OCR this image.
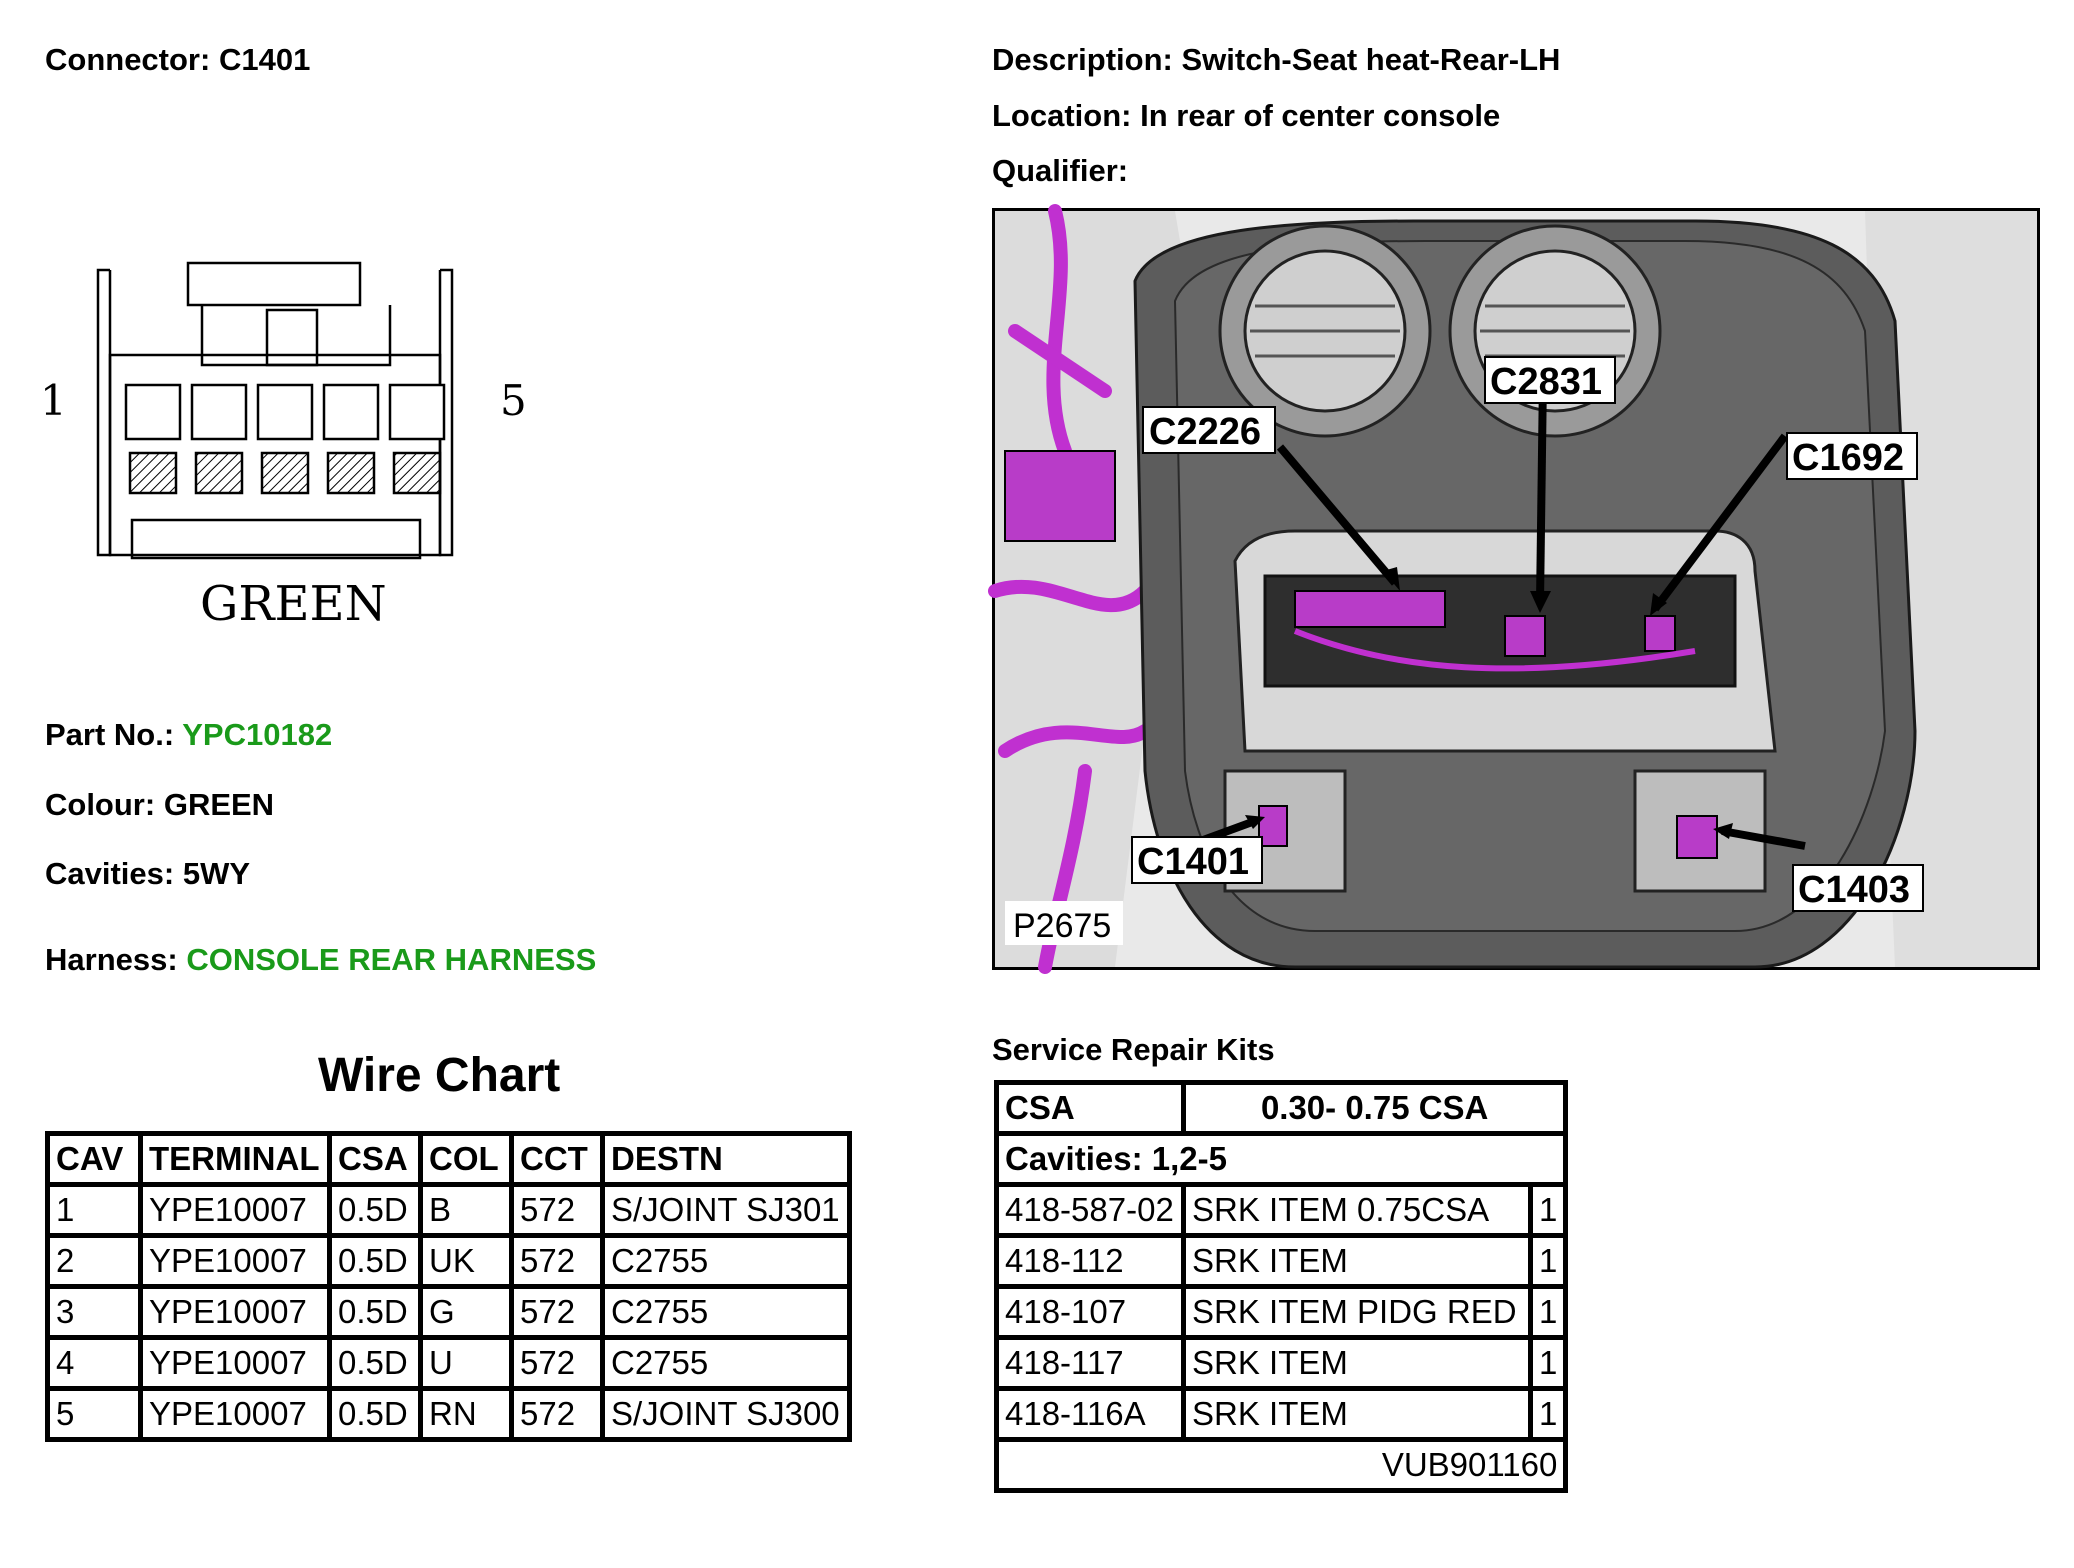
Connector: C1401	Description: Switch-Seat heat-Rear-LH
Location: In rear of center console
Qualifier:
1	5
GREEN
Part No.: YPC10182
Colour: GREEN
Cavities: 5WY
Harness: CONSOLE REAR HARNESS
C2226
C2831
C1692
C1401
C1403
P2675
Wire Chart
CAV	TERMINAL	CSA	COL	CCT	DESTN
1	YPE10007	0.5D	B	572	S/JOINT SJ301
2	YPE10007	0.5D	UK	572	C2755
3	YPE10007	0.5D	G	572	C2755
4	YPE10007	0.5D	U	572	C2755
5	YPE10007	0.5D	RN	572	S/JOINT SJ300
Service Repair Kits
CSA	0.30- 0.75 CSA	
Cavities: 1,2-5		
418-587-02	SRK ITEM 0.75CSA	1
418-112	SRK ITEM	1
418-107	SRK ITEM PIDG RED	1
418-117	SRK ITEM	1
418-116A	SRK ITEM	1
VUB901160		
